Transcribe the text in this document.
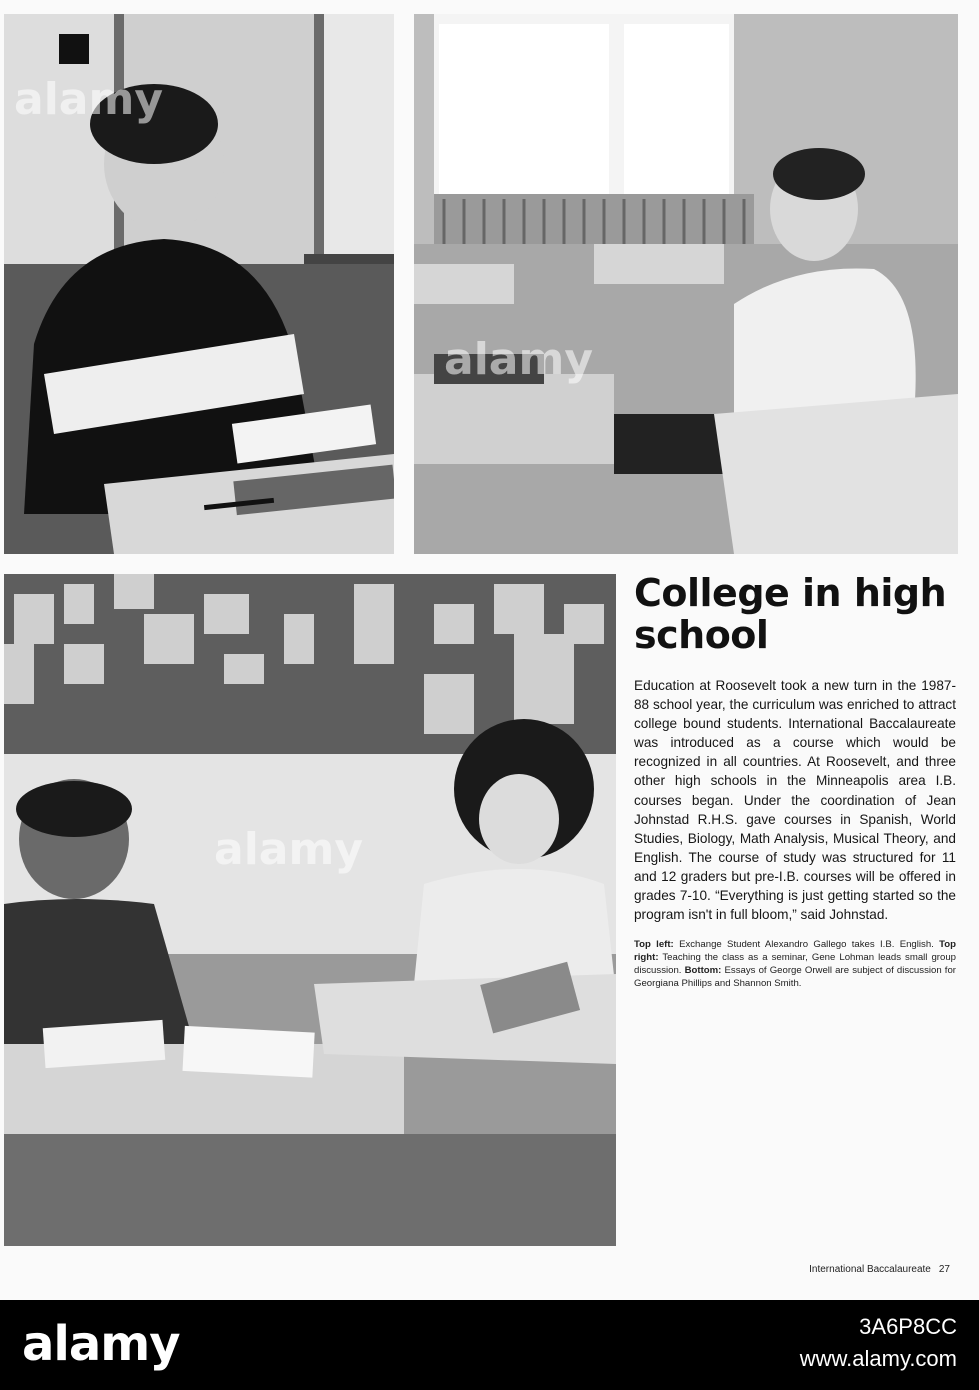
alamy
alamy
alamy
College in high school

Education at Roosevelt took a new turn in the 1987-88 school year, the curriculum was enriched to attract college bound students. International Baccalaureate was introduced as a course which would be recognized in all countries. At Roosevelt, and three other high schools in the Minneapolis area I.B. courses began. Under the coordination of Jean Johnstad R.H.S. gave courses in Spanish, World Studies, Biology, Math Analysis, Musical Theory, and English. The course of study was structured for 11 and 12 graders but pre-I.B. courses will be offered in grades 7-10. “Everything is just getting started so the program isn't in full bloom,” said Johnstad.

Top left: Exchange Student Alexandro Gallego takes I.B. English. Top right: Teaching the class as a seminar, Gene Lohman leads small group discussion. Bottom: Essays of George Orwell are subject of discussion for Georgiana Phillips and Shannon Smith.

International Baccalaureate 27
alamy	3A6P8CC
www.alamy.com
